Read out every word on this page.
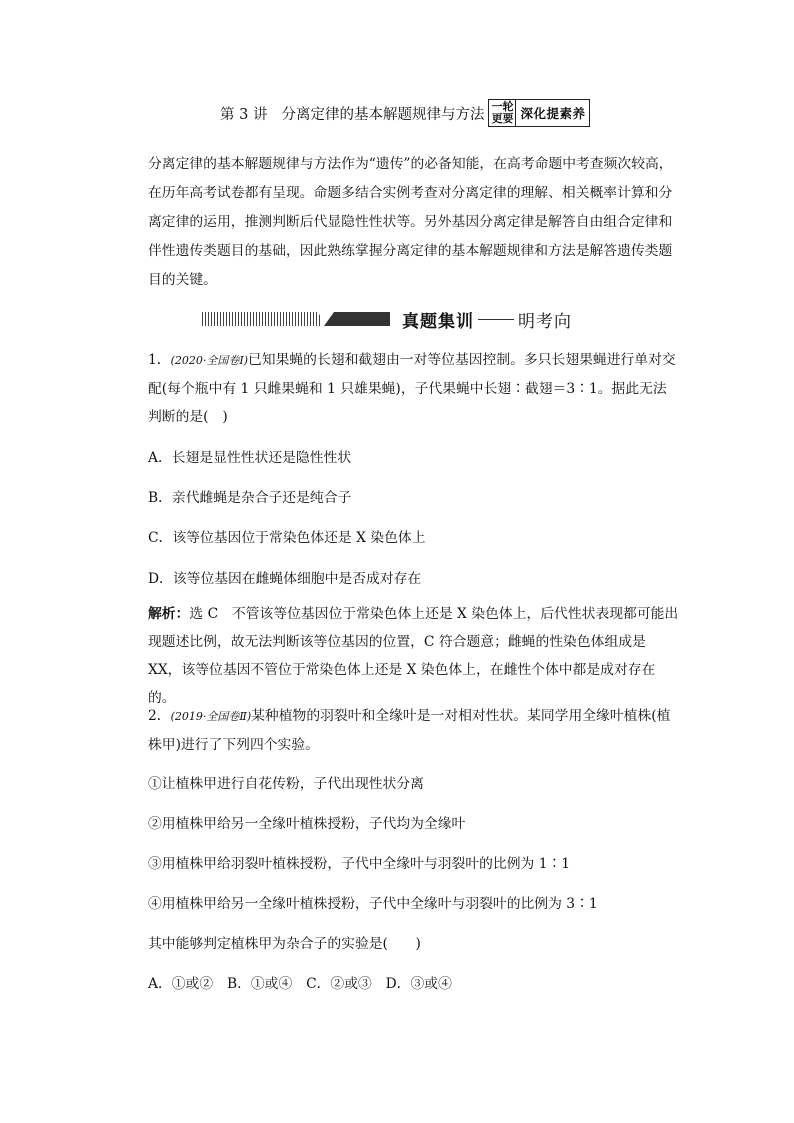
第 3 讲 分离定律的基本解题规律与方法 一轮
更要 深化提素养
分离定律的基本解题规律与方法作为“遗传”的必备知能，在高考命题中考查频次较高，在历年高考试卷都有呈现。命题多结合实例考查对分离定律的理解、相关概率计算和分离定律的运用，推测判断后代显隐性性状等。另外基因分离定律是解答自由组合定律和伴性遗传类题目的基础，因此熟练掌握分离定律的基本解题规律和方法是解答遗传类题目的关键。
真题集训	明考向
1．(2020·全国卷Ⅰ)已知果蝇的长翅和截翅由一对等位基因控制。多只长翅果蝇进行单对交配(每个瓶中有 1 只雌果蝇和 1 只雄果蝇)，子代果蝇中长翅∶截翅＝3∶1。据此无法判断的是(　)
A．长翅是显性性状还是隐性性状
B．亲代雌蝇是杂合子还是纯合子
C．该等位基因位于常染色体还是 X 染色体上
D．该等位基因在雌蝇体细胞中是否成对存在
解析：选 C　不管该等位基因位于常染色体上还是 X 染色体上，后代性状表现都可能出现题述比例，故无法判断该等位基因的位置，C 符合题意；雌蝇的性染色体组成是 XX，该等位基因不管位于常染色体上还是 X 染色体上，在雌性个体中都是成对存在的。
2．(2019·全国卷Ⅱ)某种植物的羽裂叶和全缘叶是一对相对性状。某同学用全缘叶植株(植株甲)进行了下列四个实验。
①让植株甲进行自花传粉，子代出现性状分离
②用植株甲给另一全缘叶植株授粉，子代均为全缘叶
③用植株甲给羽裂叶植株授粉，子代中全缘叶与羽裂叶的比例为 1∶1
④用植株甲给另一全缘叶植株授粉，子代中全缘叶与羽裂叶的比例为 3∶1
其中能够判定植株甲为杂合子的实验是(　　)
A．①或②　B．①或④　C．②或③　D．③或④
